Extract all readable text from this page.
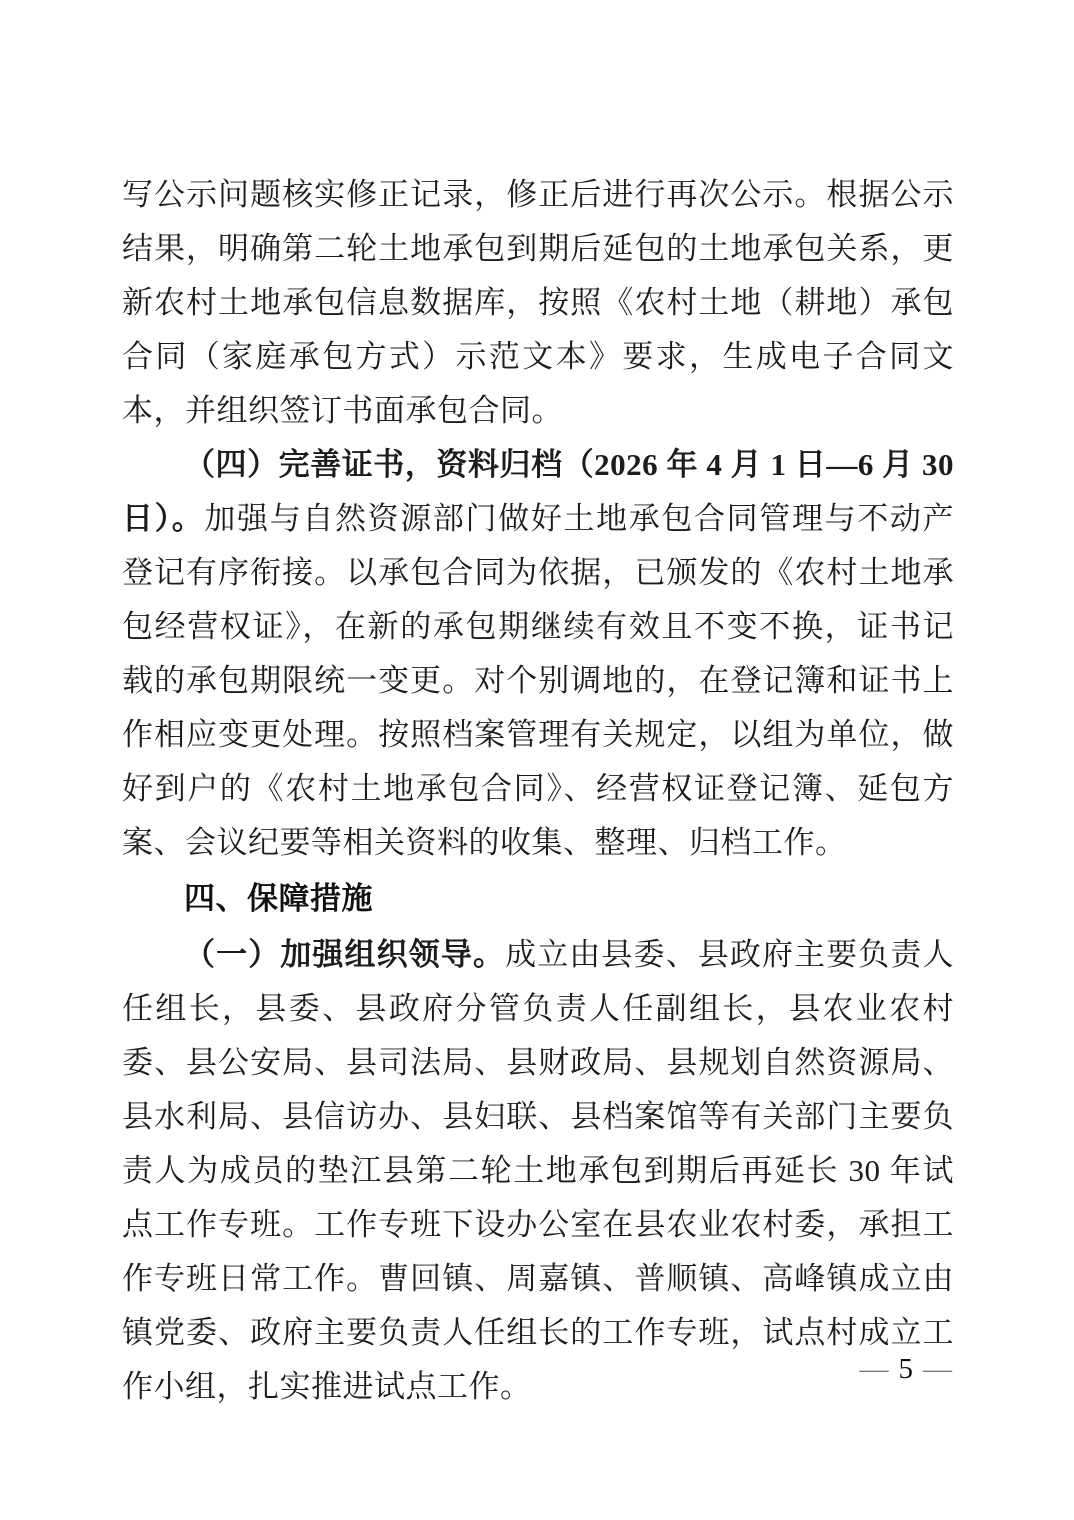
写公示问题核实修正记录，修正后进行再次公示。根据公示结果，明确第二轮土地承包到期后延包的土地承包关系，更新农村土地承包信息数据库，按照《农村土地（耕地）承包合同（家庭承包方式）示范文本》要求，生成电子合同文本，并组织签订书面承包合同。

（四）完善证书，资料归档（2026 年 4 月 1 日—6 月 30 日）。加强与自然资源部门做好土地承包合同管理与不动产登记有序衔接。以承包合同为依据，已颁发的《农村土地承包经营权证》，在新的承包期继续有效且不变不换，证书记载的承包期限统一变更。对个别调地的，在登记簿和证书上作相应变更处理。按照档案管理有关规定，以组为单位，做好到户的《农村土地承包合同》、经营权证登记簿、延包方案、会议纪要等相关资料的收集、整理、归档工作。

四、保障措施

（一）加强组织领导。成立由县委、县政府主要负责人任组长，县委、县政府分管负责人任副组长，县农业农村委、县公安局、县司法局、县财政局、县规划自然资源局、县水利局、县信访办、县妇联、县档案馆等有关部门主要负责人为成员的垫江县第二轮土地承包到期后再延长 30 年试点工作专班。工作专班下设办公室在县农业农村委，承担工作专班日常工作。曹回镇、周嘉镇、普顺镇、高峰镇成立由镇党委、政府主要负责人任组长的工作专班，试点村成立工作小组，扎实推进试点工作。	— 5 —
